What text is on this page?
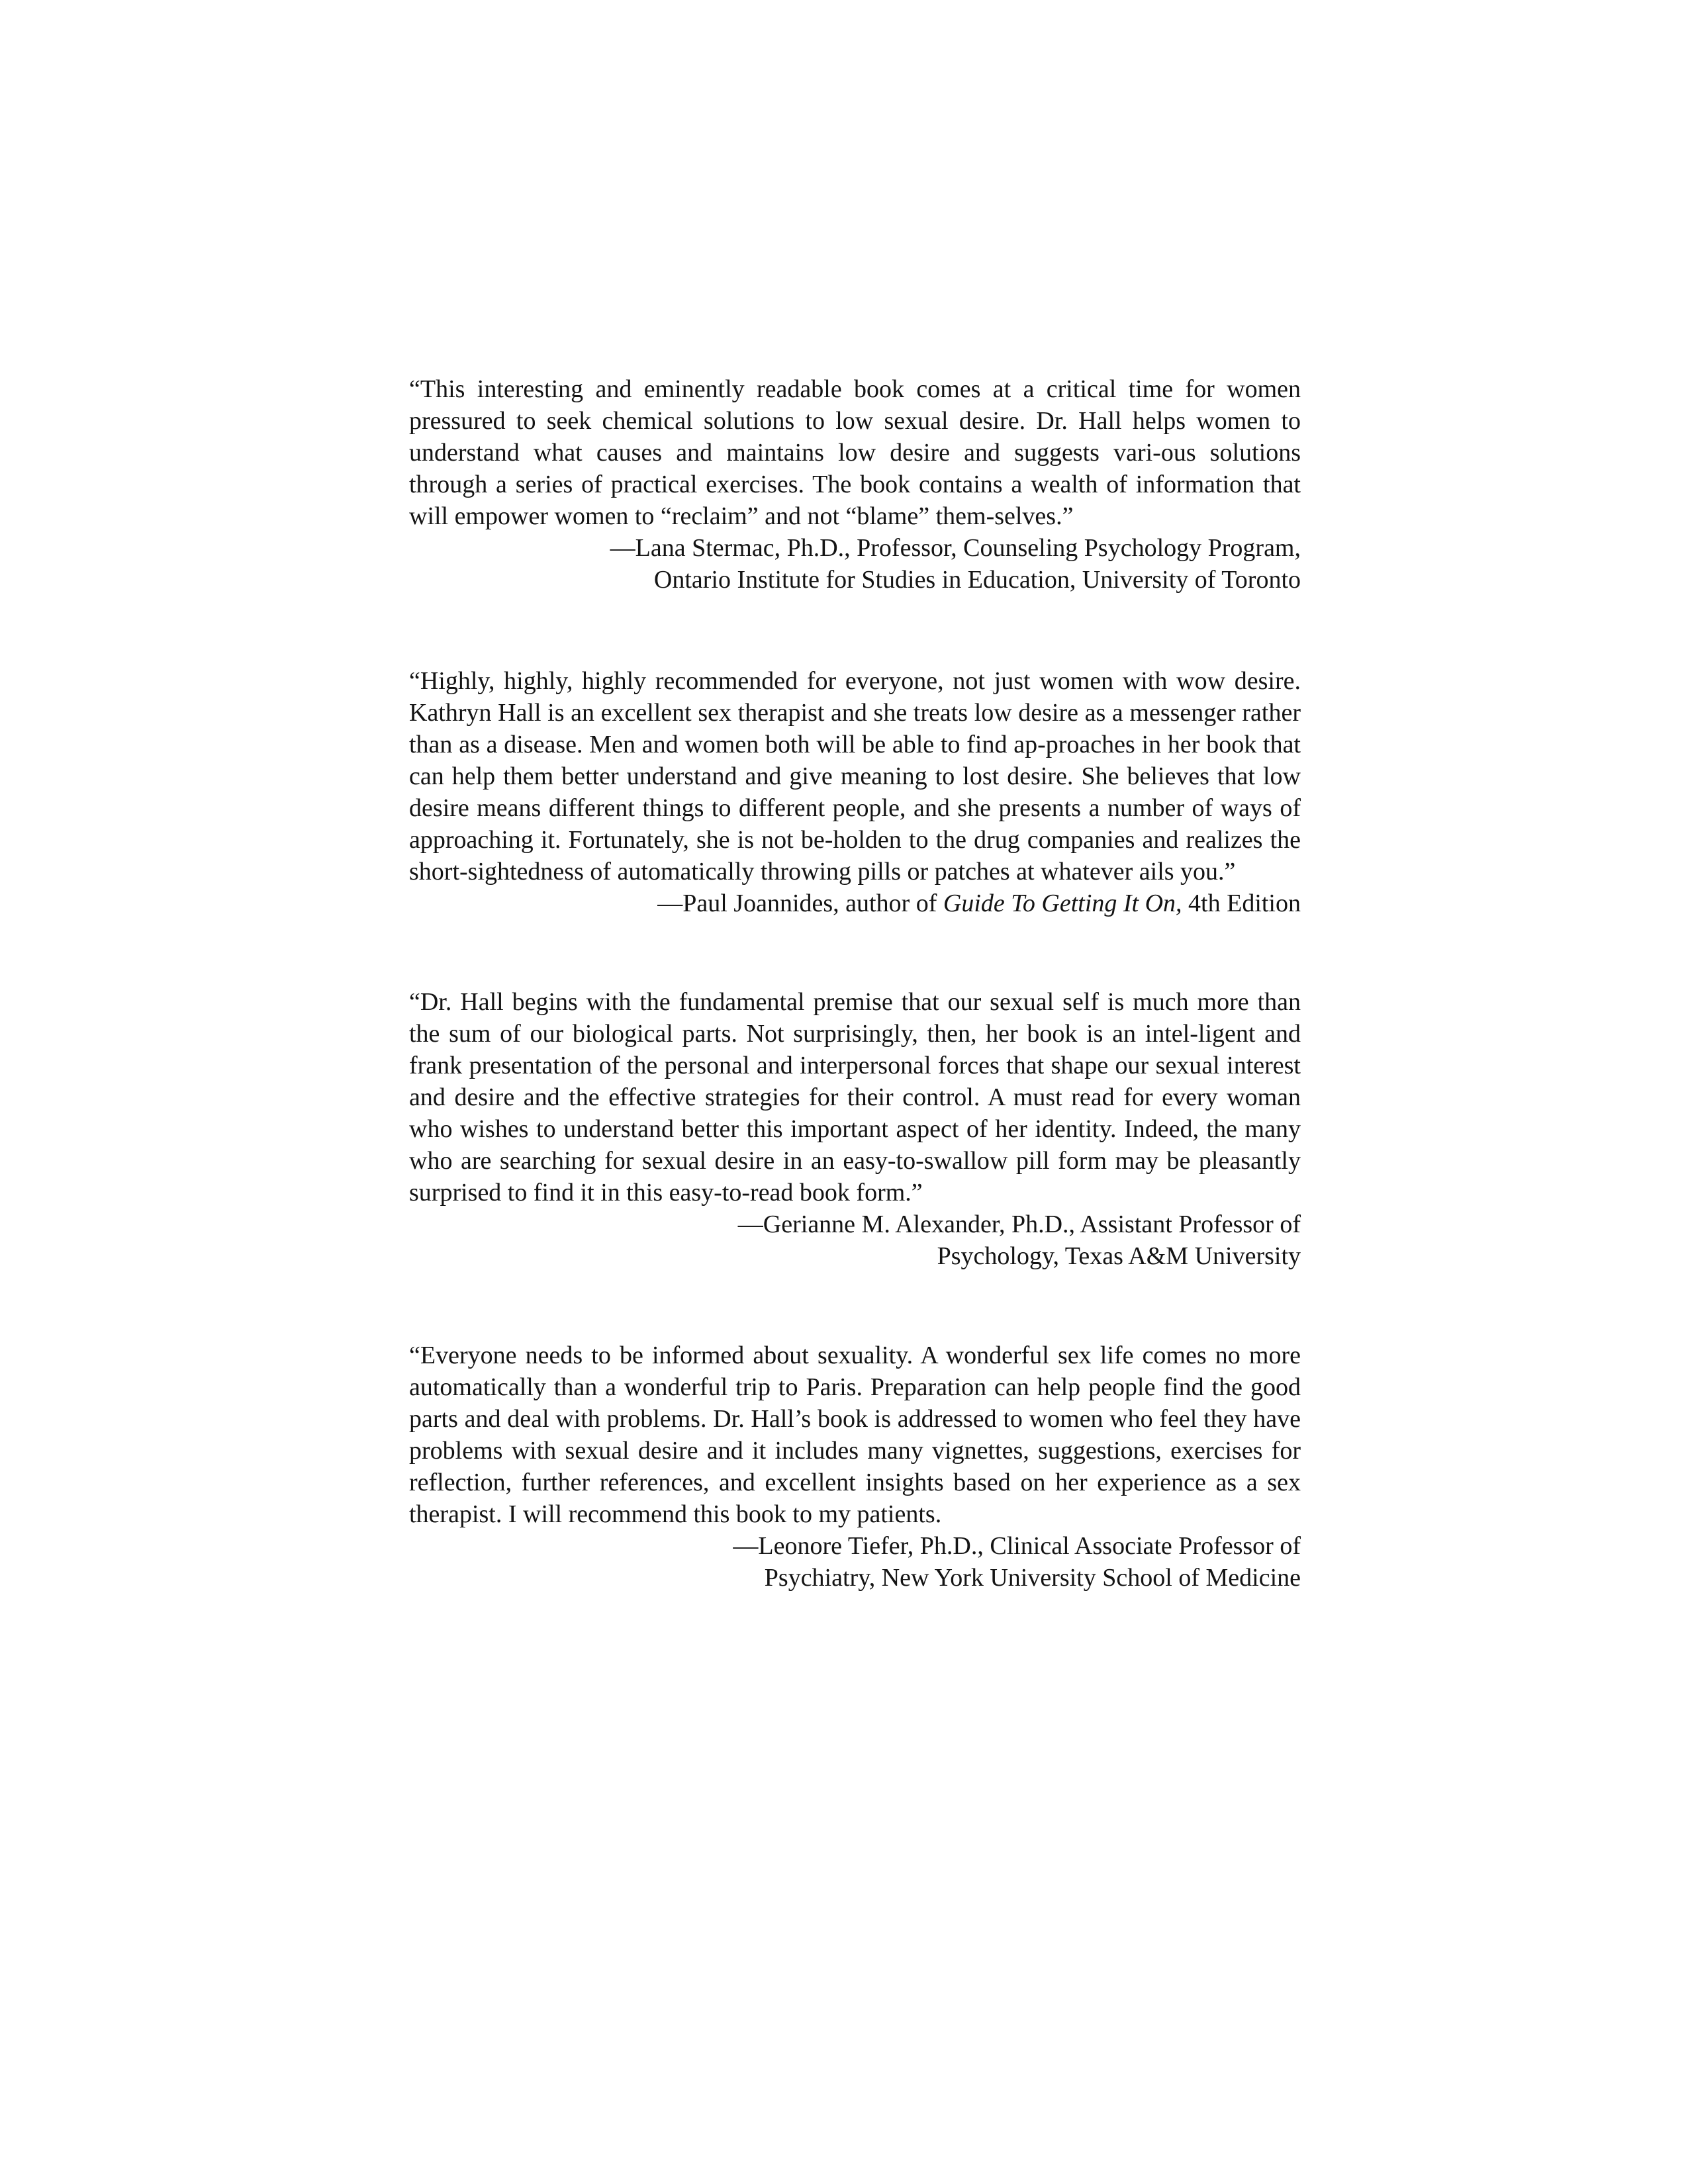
“This interesting and eminently readable book comes at a critical time for women pressured to seek chemical solutions to low sexual desire. Dr. Hall helps women to understand what causes and maintains low desire and suggests vari-ous solutions through a series of practical exercises. The book contains a wealth of information that will empower women to “reclaim” and not “blame” them-selves.”

—Lana Stermac, Ph.D., Professor, Counseling Psychology Program,
Ontario Institute for Studies in Education, University of Toronto

“Highly, highly, highly recommended for everyone, not just women with wow desire. Kathryn Hall is an excellent sex therapist and she treats low desire as a messenger rather than as a disease. Men and women both will be able to find ap-proaches in her book that can help them better understand and give meaning to lost desire. She believes that low desire means different things to different people, and she presents a number of ways of approaching it. Fortunately, she is not be-holden to the drug companies and realizes the short-sightedness of automatically throwing pills or patches at whatever ails you.”

—Paul Joannides, author of Guide To Getting It On, 4th Edition

“Dr. Hall begins with the fundamental premise that our sexual self is much more than the sum of our biological parts. Not surprisingly, then, her book is an intel-ligent and frank presentation of the personal and interpersonal forces that shape our sexual interest and desire and the effective strategies for their control. A must read for every woman who wishes to understand better this important aspect of her identity. Indeed, the many who are searching for sexual desire in an easy-to-swallow pill form may be pleasantly surprised to find it in this easy-to-read book form.”

—Gerianne M. Alexander, Ph.D., Assistant Professor of
Psychology, Texas A&M University

“Everyone needs to be informed about sexuality. A wonderful sex life comes no more automatically than a wonderful trip to Paris. Preparation can help people find the good parts and deal with problems. Dr. Hall’s book is addressed to women who feel they have problems with sexual desire and it includes many vignettes, suggestions, exercises for reflection, further references, and excellent insights based on her experience as a sex therapist. I will recommend this book to my patients.

—Leonore Tiefer, Ph.D., Clinical Associate Professor of
Psychiatry, New York University School of Medicine
